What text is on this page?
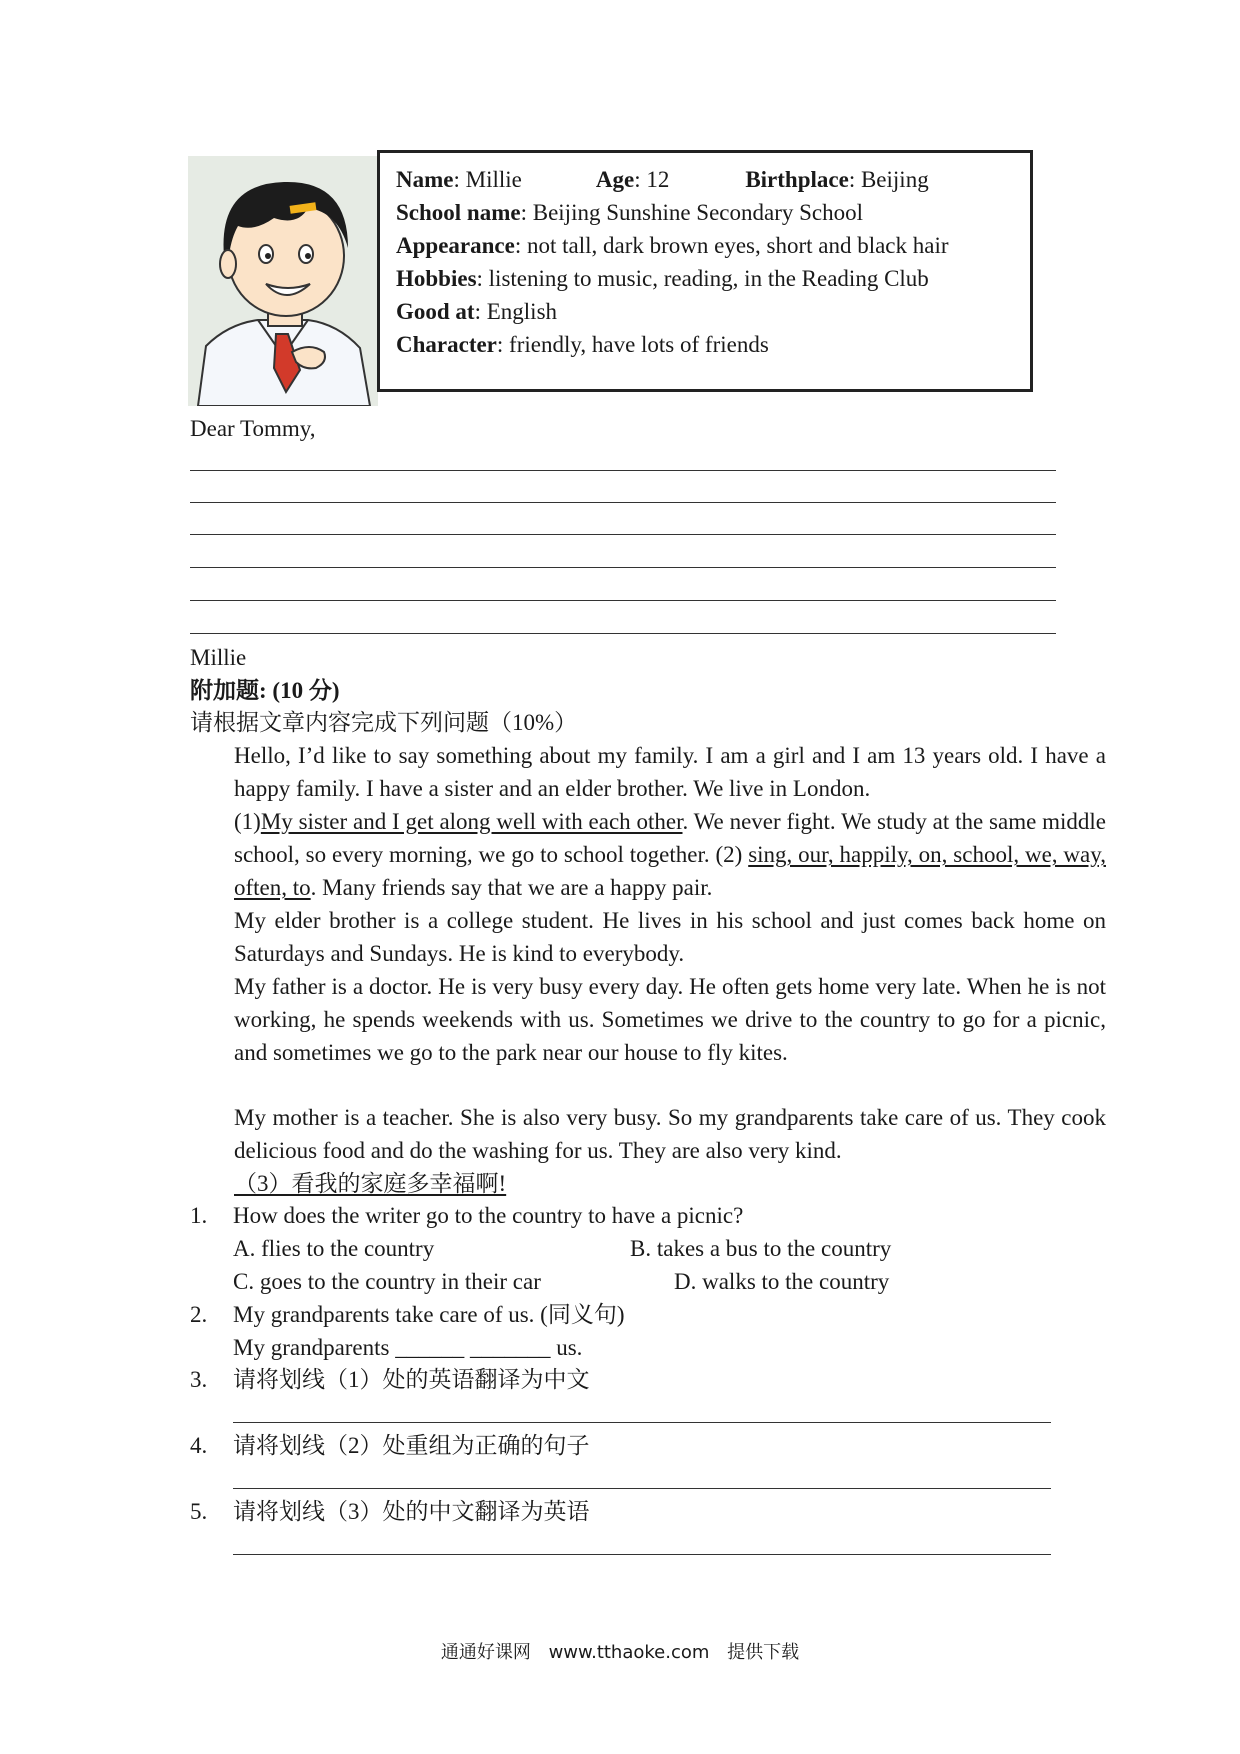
Name: Millie	Age: 12	Birthplace: Beijing
School name: Beijing Sunshine Secondary School
Appearance: not tall, dark brown eyes, short and black hair
Hobbies: listening to music, reading, in the Reading Club
Good at: English
Character: friendly, have lots of friends
Dear Tommy,
Millie
附加题: (10 分)
请根据文章内容完成下列问题（10%）
Hello, I’d like to say something about my family. I am a girl and I am 13 years old. I have a happy family. I have a sister and an elder brother. We live in London.
(1)My sister and I get along well with each other. We never fight. We study at the same middle school, so every morning, we go to school together. (2) sing, our, happily, on, school, we, way, often, to. Many friends say that we are a happy pair.
My elder brother is a college student. He lives in his school and just comes back home on Saturdays and Sundays. He is kind to everybody.
My father is a doctor. He is very busy every day. He often gets home very late. When he is not working, he spends weekends with us. Sometimes we drive to the country to go for a picnic, and sometimes we go to the park near our house to fly kites.
My mother is a teacher. She is also very busy. So my grandparents take care of us. They cook delicious food and do the washing for us. They are also very kind.
（3）看我的家庭多幸福啊!
1. How does the writer go to the country to have a picnic?
A. flies to the country	B. takes a bus to the country
C. goes to the country in their car	D. walks to the country
2. My grandparents take care of us. (同义句)
My grandparents ______ _______ us.
3. 请将划线（1）处的英语翻译为中文
4. 请将划线（2）处重组为正确的句子
5. 请将划线（3）处的中文翻译为英语
通通好课网 www.tthaoke.com 提供下载
